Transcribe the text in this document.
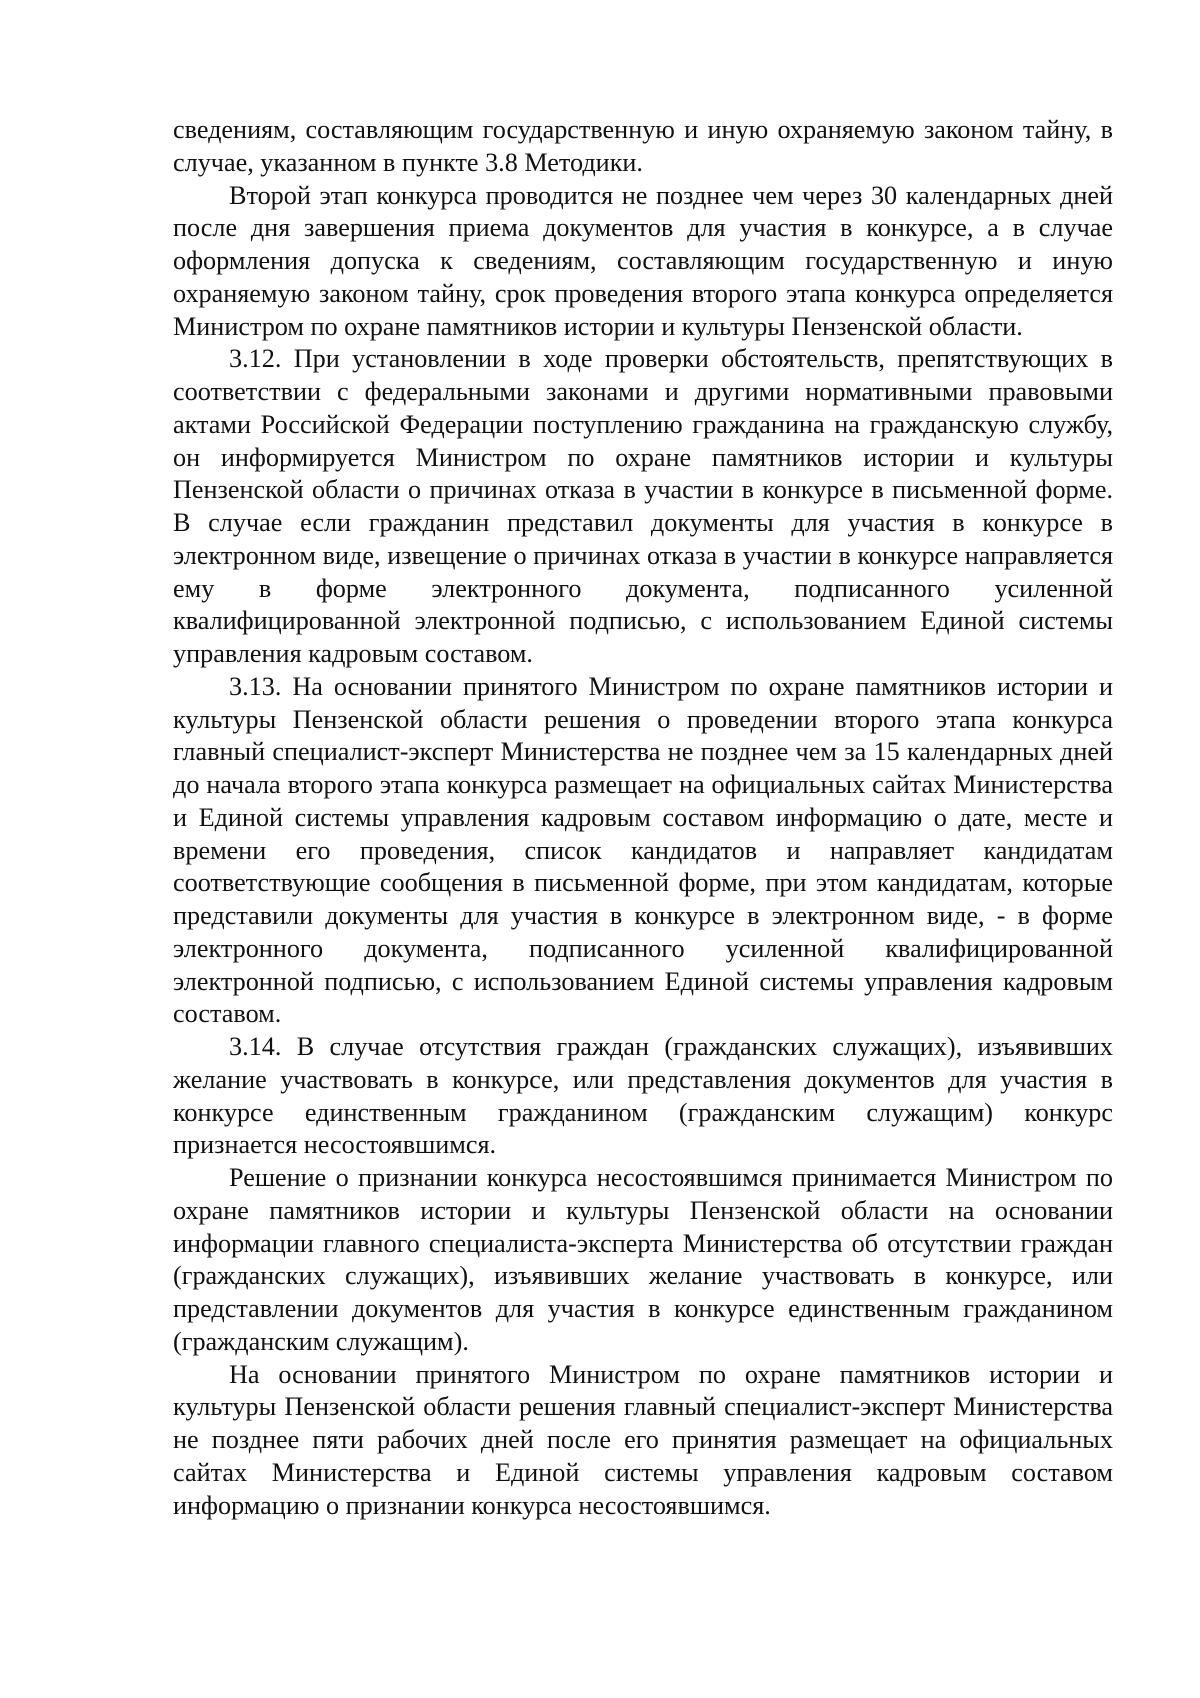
сведениям, составляющим государственную и иную охраняемую законом тайну, в случае, указанном в пункте 3.8 Методики.

Второй этап конкурса проводится не позднее чем через 30 календарных дней после дня завершения приема документов для участия в конкурсе, а в случае оформления допуска к сведениям, составляющим государственную и иную охраняемую законом тайну, срок проведения второго этапа конкурса определяется Министром по охране памятников истории и культуры Пензенской области.

3.12. При установлении в ходе проверки обстоятельств, препятствующих в соответствии с федеральными законами и другими нормативными правовыми актами Российской Федерации поступлению гражданина на гражданскую службу, он информируется Министром по охране памятников истории и культуры Пензенской области о причинах отказа в участии в конкурсе в письменной форме. В случае если гражданин представил документы для участия в конкурсе в электронном виде, извещение о причинах отказа в участии в конкурсе направляется ему в форме электронного документа, подписанного усиленной квалифицированной электронной подписью, с использованием Единой системы управления кадровым составом.

3.13. На основании принятого Министром по охране памятников истории и культуры Пензенской области решения о проведении второго этапа конкурса главный специалист-эксперт Министерства не позднее чем за 15 календарных дней до начала второго этапа конкурса размещает на официальных сайтах Министерства и Единой системы управления кадровым составом информацию о дате, месте и времени его проведения, список кандидатов и направляет кандидатам соответствующие сообщения в письменной форме, при этом кандидатам, которые представили документы для участия в конкурсе в электронном виде, - в форме электронного документа, подписанного усиленной квалифицированной электронной подписью, с использованием Единой системы управления кадровым составом.

3.14. В случае отсутствия граждан (гражданских служащих), изъявивших желание участвовать в конкурсе, или представления документов для участия в конкурсе единственным гражданином (гражданским служащим) конкурс признается несостоявшимся.

Решение о признании конкурса несостоявшимся принимается Министром по охране памятников истории и культуры Пензенской области на основании информации главного специалиста-эксперта Министерства об отсутствии граждан (гражданских служащих), изъявивших желание участвовать в конкурсе, или представлении документов для участия в конкурсе единственным гражданином (гражданским служащим).

На основании принятого Министром по охране памятников истории и культуры Пензенской области решения главный специалист-эксперт Министерства не позднее пяти рабочих дней после его принятия размещает на официальных сайтах Министерства и Единой системы управления кадровым составом информацию о признании конкурса несостоявшимся.
